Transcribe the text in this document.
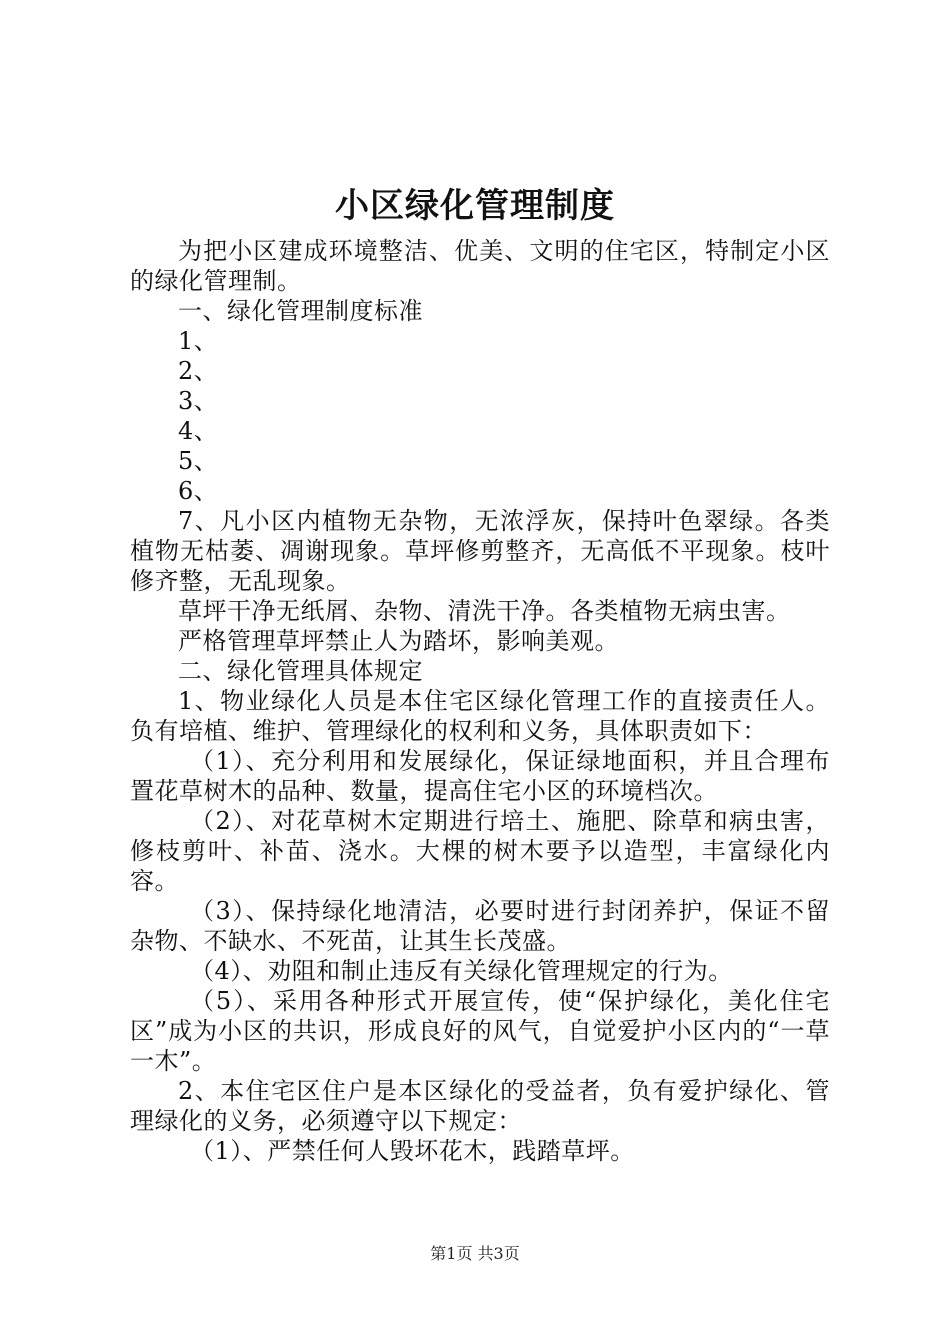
小区绿化管理制度

为把小区建成环境整洁、优美、文明的住宅区，特制定小区的绿化管理制。

一、绿化管理制度标准

1、

2、

3、

4、

5、

6、

7、凡小区内植物无杂物，无浓浮灰，保持叶色翠绿。各类植物无枯萎、凋谢现象。草坪修剪整齐，无高低不平现象。枝叶修齐整，无乱现象。

草坪干净无纸屑、杂物、清洗干净。各类植物无病虫害。

严格管理草坪禁止人为踏坏，影响美观。

二、绿化管理具体规定

1、物业绿化人员是本住宅区绿化管理工作的直接责任人。负有培植、维护、管理绿化的权利和义务，具体职责如下：

（1）、充分利用和发展绿化，保证绿地面积，并且合理布置花草树木的品种、数量，提高住宅小区的环境档次。

（2）、对花草树木定期进行培土、施肥、除草和病虫害，修枝剪叶、补苗、浇水。大棵的树木要予以造型，丰富绿化内容。

（3）、保持绿化地清洁，必要时进行封闭养护，保证不留杂物、不缺水、不死苗，让其生长茂盛。

（4）、劝阻和制止违反有关绿化管理规定的行为。

（5）、采用各种形式开展宣传，使“保护绿化，美化住宅区”成为小区的共识，形成良好的风气，自觉爱护小区内的“一草一木”。

2、本住宅区住户是本区绿化的受益者，负有爱护绿化、管理绿化的义务，必须遵守以下规定：

（1）、严禁任何人毁坏花木，践踏草坪。

第1页 共3页
